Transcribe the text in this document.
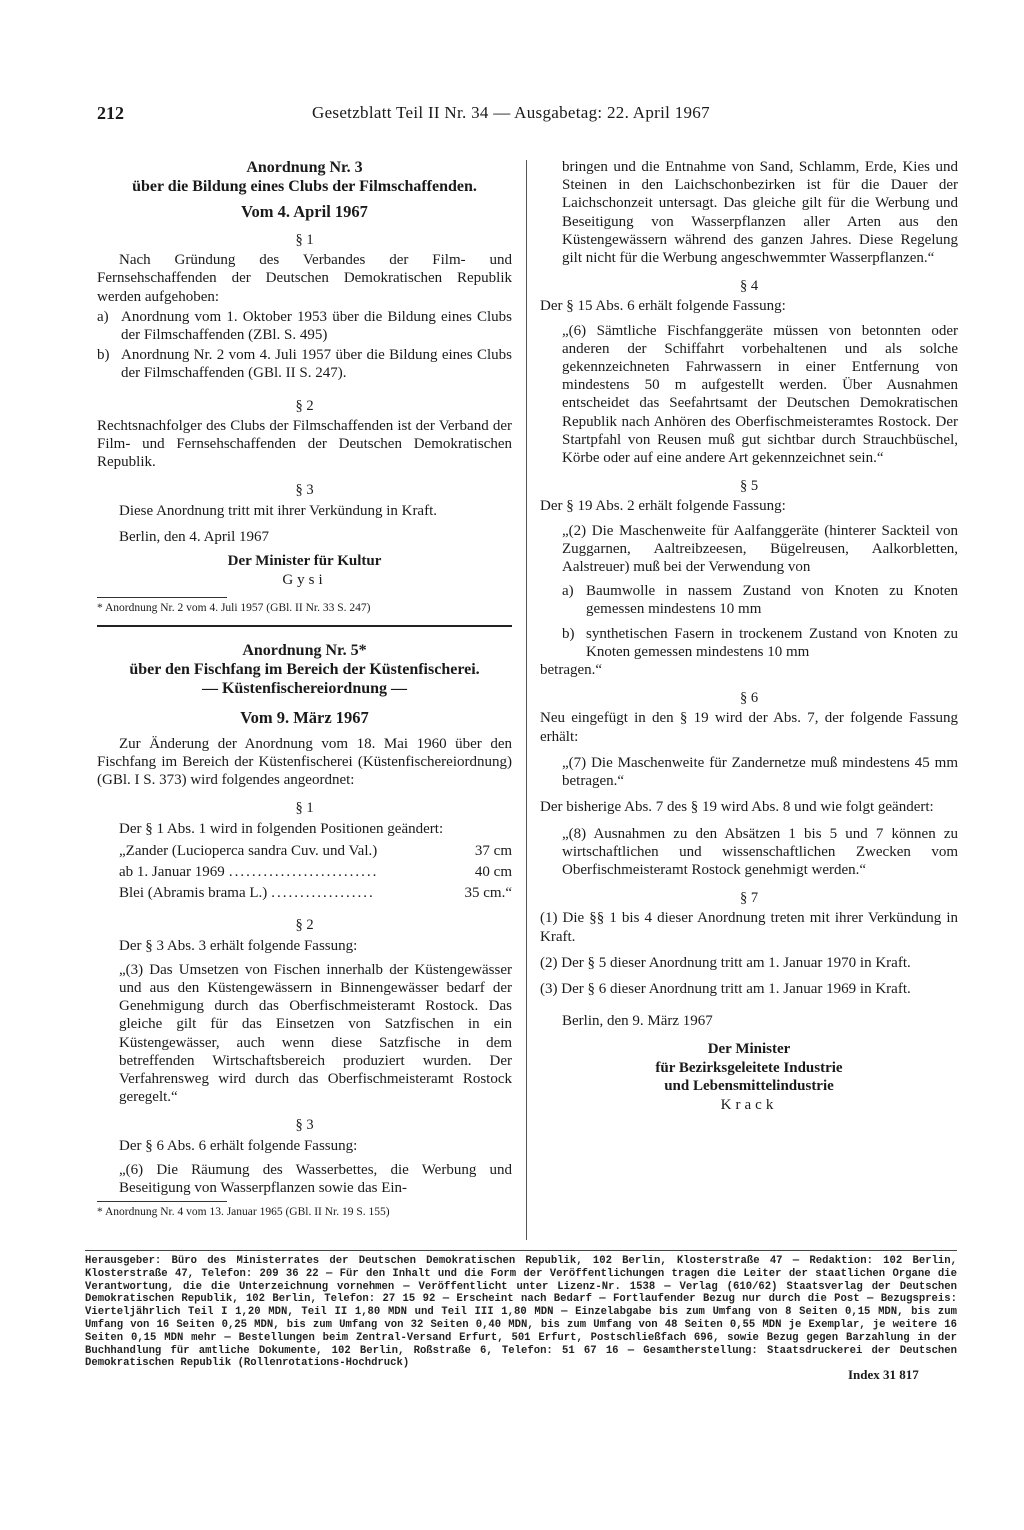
212	Gesetzblatt Teil II Nr. 34 — Ausgabetag: 22. April 1967
Anordnung Nr. 3
über die Bildung eines Clubs der Filmschaffenden.
Vom 4. April 1967
§ 1

Nach Gründung des Verbandes der Film- und Fernsehschaffenden der Deutschen Demokratischen Republik werden aufgehoben:

a) Anordnung vom 1. Oktober 1953 über die Bildung eines Clubs der Filmschaffenden (ZBl. S. 495)
b) Anordnung Nr. 2 vom 4. Juli 1957 über die Bildung eines Clubs der Filmschaffenden (GBl. II S. 247).
§ 2

Rechtsnachfolger des Clubs der Filmschaffenden ist der Verband der Film- und Fernsehschaffenden der Deutschen Demokratischen Republik.

§ 3

Diese Anordnung tritt mit ihrer Verkündung in Kraft.

Berlin, den 4. April 1967

Der Minister für Kultur
Gysi
* Anordnung Nr. 2 vom 4. Juli 1957 (GBl. II Nr. 33 S. 247)
Anordnung Nr. 5*
über den Fischfang im Bereich der Küstenfischerei.
— Küstenfischereiordnung —
Vom 9. März 1967

Zur Änderung der Anordnung vom 18. Mai 1960 über den Fischfang im Bereich der Küstenfischerei (Küstenfischereiordnung) (GBl. I S. 373) wird folgendes angeordnet:

§ 1

Der § 1 Abs. 1 wird in folgenden Positionen geändert:

„Zander (Lucioperca sandra Cuv. und Val.)	37 cm
ab 1. Januar 1969 ..........................	40 cm
Blei (Abramis brama L.) ..................	35 cm.“
§ 2

Der § 3 Abs. 3 erhält folgende Fassung:

„(3) Das Umsetzen von Fischen innerhalb der Küstengewässer und aus den Küstengewässern in Binnengewässer bedarf der Genehmigung durch das Oberfischmeisteramt Rostock. Das gleiche gilt für das Einsetzen von Satzfischen in ein Küstengewässer, auch wenn diese Satzfische in dem betreffenden Wirtschaftsbereich produziert wurden. Der Verfahrensweg wird durch das Oberfischmeisteramt Rostock geregelt.“

§ 3

Der § 6 Abs. 6 erhält folgende Fassung:

„(6) Die Räumung des Wasserbettes, die Werbung und Beseitigung von Wasserpflanzen sowie das Ein-

* Anordnung Nr. 4 vom 13. Januar 1965 (GBl. II Nr. 19 S. 155)

bringen und die Entnahme von Sand, Schlamm, Erde, Kies und Steinen in den Laichschonbezirken ist für die Dauer der Laichschonzeit untersagt. Das gleiche gilt für die Werbung und Beseitigung von Wasserpflanzen aller Arten aus den Küstengewässern während des ganzen Jahres. Diese Regelung gilt nicht für die Werbung angeschwemmter Wasserpflanzen.“

§ 4

Der § 15 Abs. 6 erhält folgende Fassung:

„(6) Sämtliche Fischfanggeräte müssen von betonnten oder anderen der Schiffahrt vorbehaltenen und als solche gekennzeichneten Fahrwassern in einer Entfernung von mindestens 50 m aufgestellt werden. Über Ausnahmen entscheidet das Seefahrtsamt der Deutschen Demokratischen Republik nach Anhören des Oberfischmeisteramtes Rostock. Der Startpfahl von Reusen muß gut sichtbar durch Strauchbüschel, Körbe oder auf eine andere Art gekennzeichnet sein.“

§ 5

Der § 19 Abs. 2 erhält folgende Fassung:

„(2) Die Maschenweite für Aalfanggeräte (hinterer Sackteil von Zuggarnen, Aaltreibzeesen, Bügelreusen, Aalkorbletten, Aalstreuer) muß bei der Verwendung von

a) Baumwolle in nassem Zustand von Knoten zu Knoten gemessen mindestens 10 mm
b) synthetischen Fasern in trockenem Zustand von Knoten zu Knoten gemessen mindestens 10 mm

betragen.“

§ 6

Neu eingefügt in den § 19 wird der Abs. 7, der folgende Fassung erhält:

„(7) Die Maschenweite für Zandernetze muß mindestens 45 mm betragen.“

Der bisherige Abs. 7 des § 19 wird Abs. 8 und wie folgt geändert:

„(8) Ausnahmen zu den Absätzen 1 bis 5 und 7 können zu wirtschaftlichen und wissenschaftlichen Zwecken vom Oberfischmeisteramt Rostock genehmigt werden.“

§ 7

(1) Die §§ 1 bis 4 dieser Anordnung treten mit ihrer Verkündung in Kraft.

(2) Der § 5 dieser Anordnung tritt am 1. Januar 1970 in Kraft.

(3) Der § 6 dieser Anordnung tritt am 1. Januar 1969 in Kraft.

Berlin, den 9. März 1967

Der Minister
für Bezirksgeleitete Industrie
und Lebensmittelindustrie
Krack
Herausgeber: Büro des Ministerrates der Deutschen Demokratischen Republik, 102 Berlin, Klosterstraße 47 — Redaktion: 102 Berlin, Klosterstraße 47, Telefon: 209 36 22 — Für den Inhalt und die Form der Veröffentlichungen tragen die Leiter der staatlichen Organe die Verantwortung, die die Unterzeichnung vornehmen — Veröffentlicht unter Lizenz-Nr. 1538 — Verlag (610/62) Staatsverlag der Deutschen Demokratischen Republik, 102 Berlin, Telefon: 27 15 92 — Erscheint nach Bedarf — Fortlaufender Bezug nur durch die Post — Bezugspreis: Vierteljährlich Teil I 1,20 MDN, Teil II 1,80 MDN und Teil III 1,80 MDN — Einzelabgabe bis zum Umfang von 8 Seiten 0,15 MDN, bis zum Umfang von 16 Seiten 0,25 MDN, bis zum Umfang von 32 Seiten 0,40 MDN, bis zum Umfang von 48 Seiten 0,55 MDN je Exemplar, je weitere 16 Seiten 0,15 MDN mehr — Bestellungen beim Zentral-Versand Erfurt, 501 Erfurt, Postschließfach 696, sowie Bezug gegen Barzahlung in der Buchhandlung für amtliche Dokumente, 102 Berlin, Roßstraße 6, Telefon: 51 67 16 — Gesamtherstellung: Staatsdruckerei der Deutschen Demokratischen Republik (Rollenrotations-Hochdruck)
Index 31 817
